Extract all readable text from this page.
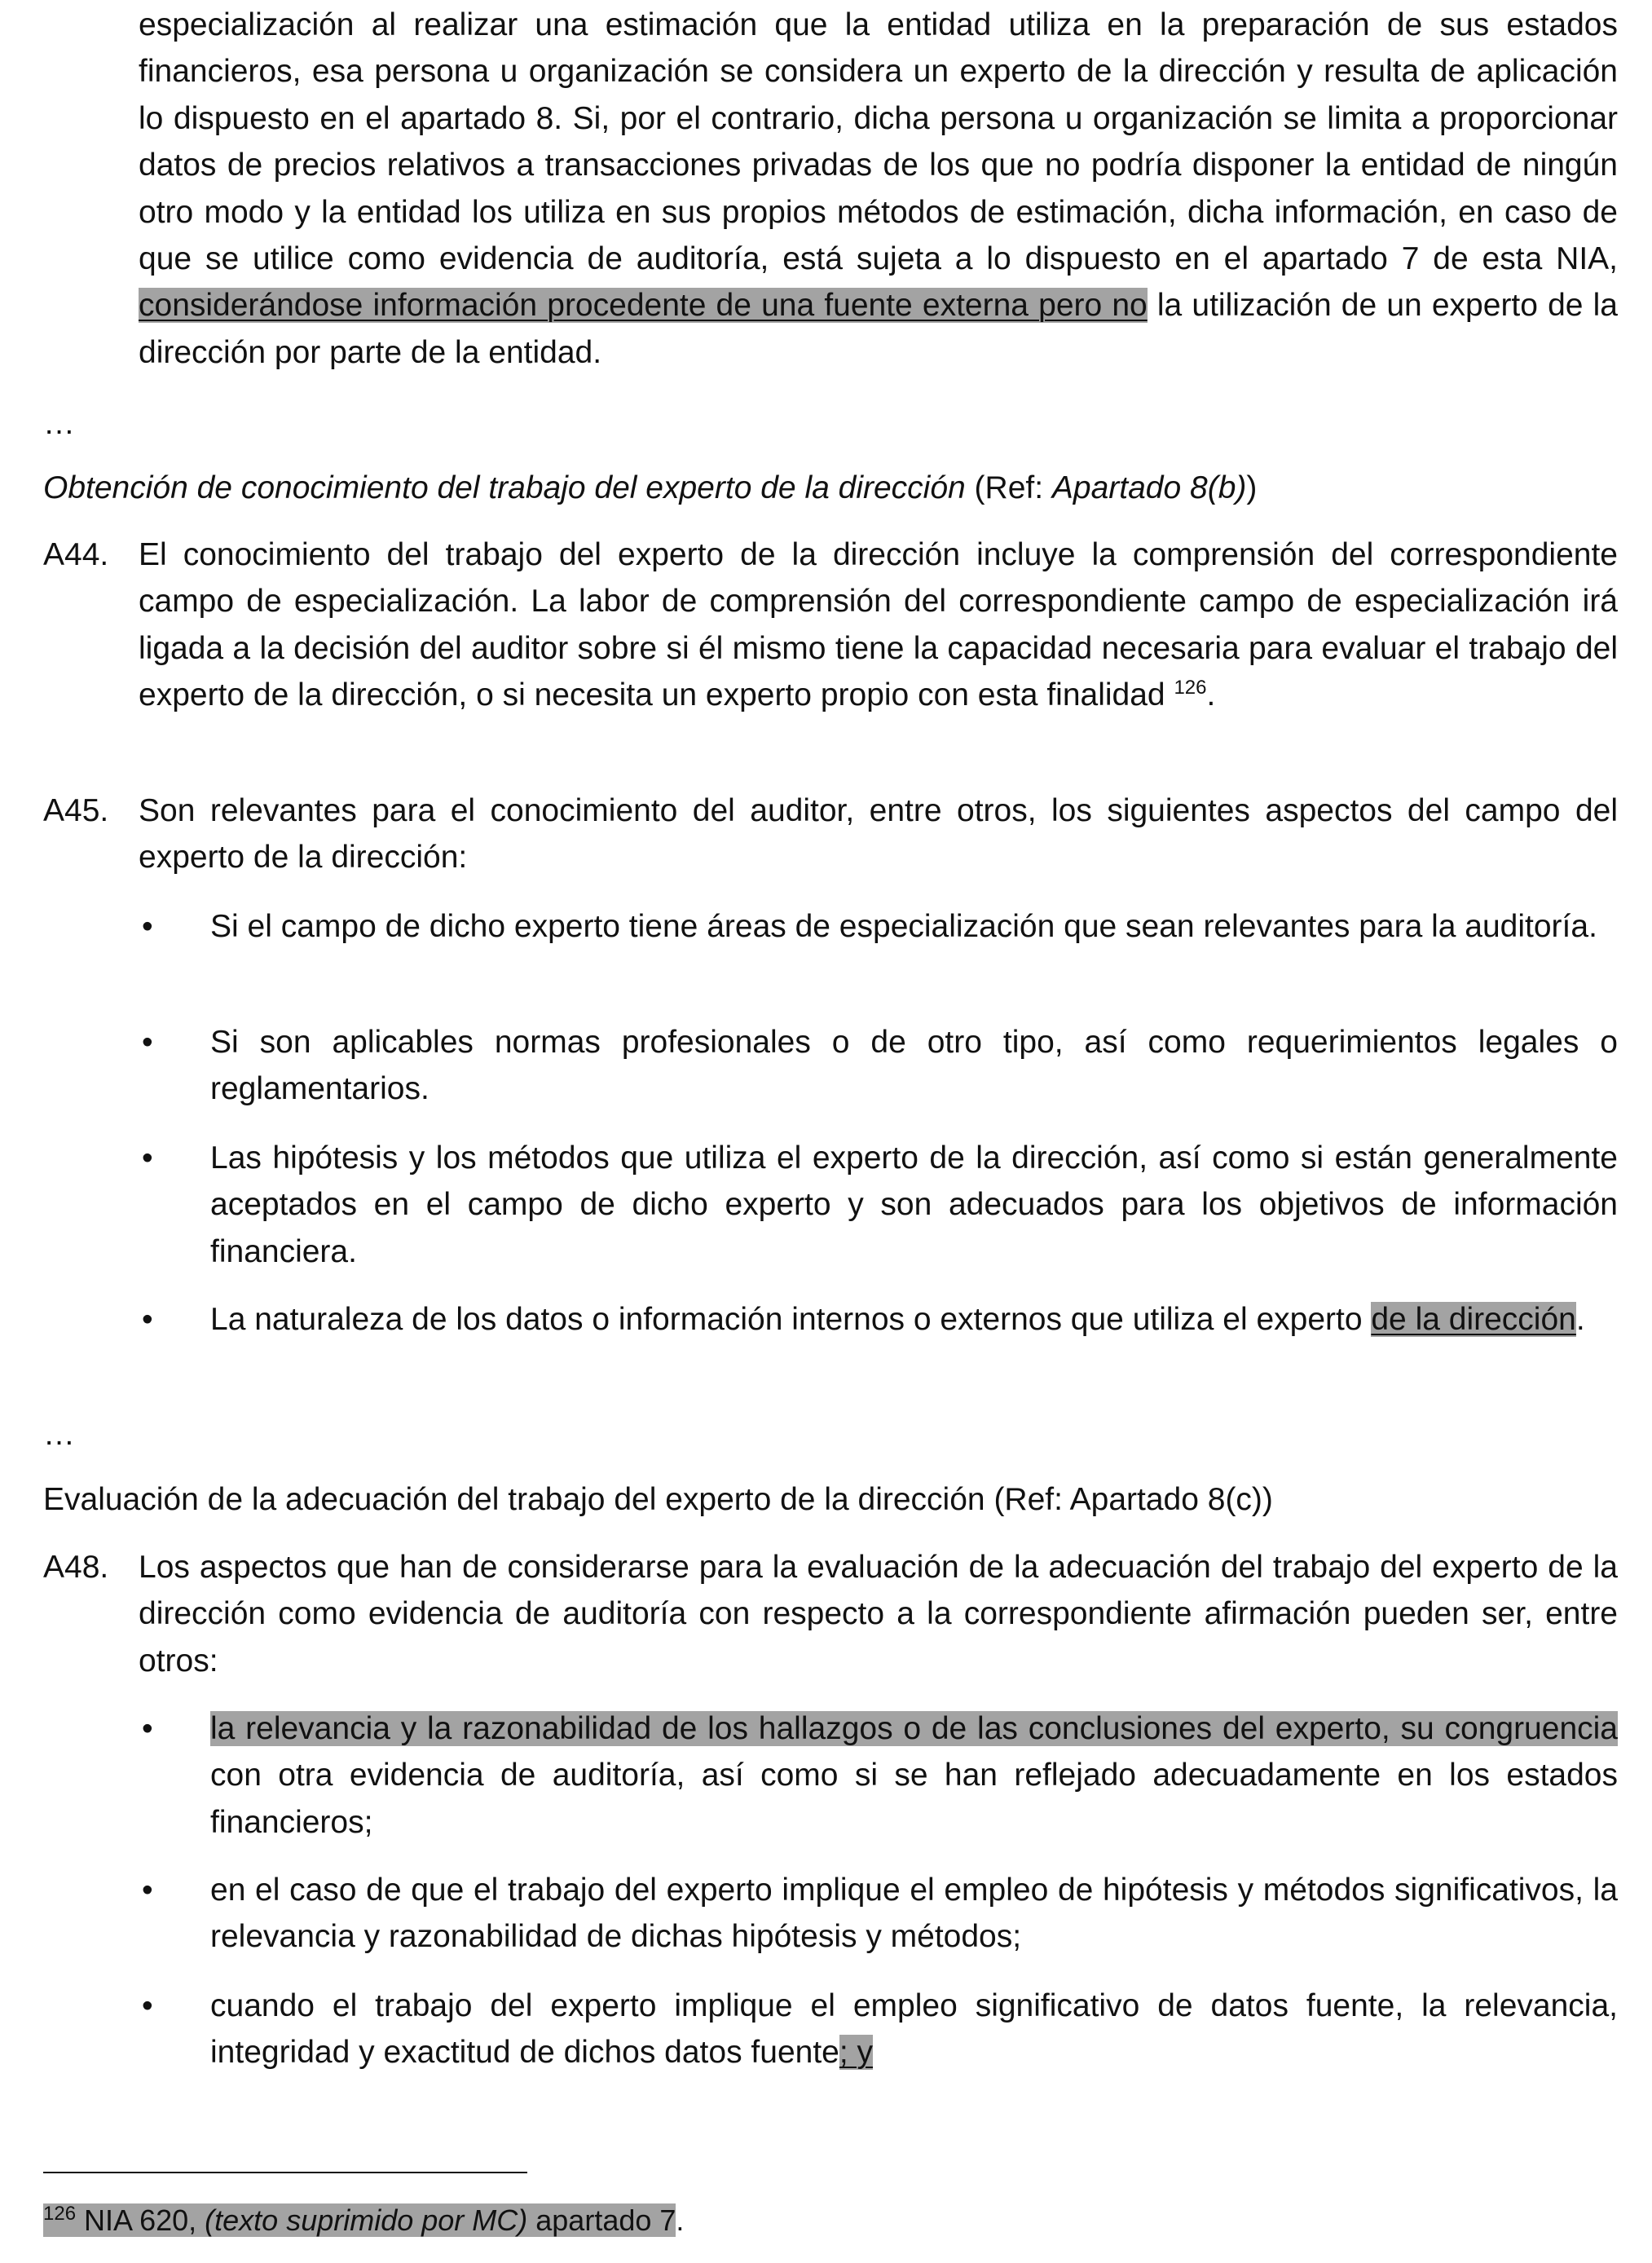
especialización al realizar una estimación que la entidad utiliza en la preparación de sus estados financieros, esa persona u organización se considera un experto de la dirección y resulta de aplicación lo dispuesto en el apartado 8. Si, por el contrario, dicha persona u organización se limita a proporcionar datos de precios relativos a transacciones privadas de los que no podría disponer la entidad de ningún otro modo y la entidad los utiliza en sus propios métodos de estimación, dicha información, en caso de que se utilice como evidencia de auditoría, está sujeta a lo dispuesto en el apartado 7 de esta NIA, considerándose información procedente de una fuente externa pero no la utilización de un experto de la dirección por parte de la entidad.

…

Obtención de conocimiento del trabajo del experto de la dirección (Ref: Apartado 8(b))

A44. El conocimiento del trabajo del experto de la dirección incluye la comprensión del correspondiente campo de especialización. La labor de comprensión del correspondiente campo de especialización irá ligada a la decisión del auditor sobre si él mismo tiene la capacidad necesaria para evaluar el trabajo del experto de la dirección, o si necesita un experto propio con esta finalidad $^{126}$.

A45. Son relevantes para el conocimiento del auditor, entre otros, los siguientes aspectos del campo del experto de la dirección:

• Si el campo de dicho experto tiene áreas de especialización que sean relevantes para la auditoría.

• Si son aplicables normas profesionales o de otro tipo, así como requerimientos legales o reglamentarios.

• Las hipótesis y los métodos que utiliza el experto de la dirección, así como si están generalmente aceptados en el campo de dicho experto y son adecuados para los objetivos de información financiera.

• La naturaleza de los datos o información internos o externos que utiliza el experto de la dirección.

…

Evaluación de la adecuación del trabajo del experto de la dirección (Ref: Apartado 8(c))

A48. Los aspectos que han de considerarse para la evaluación de la adecuación del trabajo del experto de la dirección como evidencia de auditoría con respecto a la correspondiente afirmación pueden ser, entre otros:

• la relevancia y la razonabilidad de los hallazgos o de las conclusiones del experto, su congruencia con otra evidencia de auditoría, así como si se han reflejado adecuadamente en los estados financieros;

• en el caso de que el trabajo del experto implique el empleo de hipótesis y métodos significativos, la relevancia y razonabilidad de dichas hipótesis y métodos;

• cuando el trabajo del experto implique el empleo significativo de datos fuente, la relevancia, integridad y exactitud de dichos datos fuente; y

$^{126}$ NIA 620, (texto suprimido por MC) apartado 7.
